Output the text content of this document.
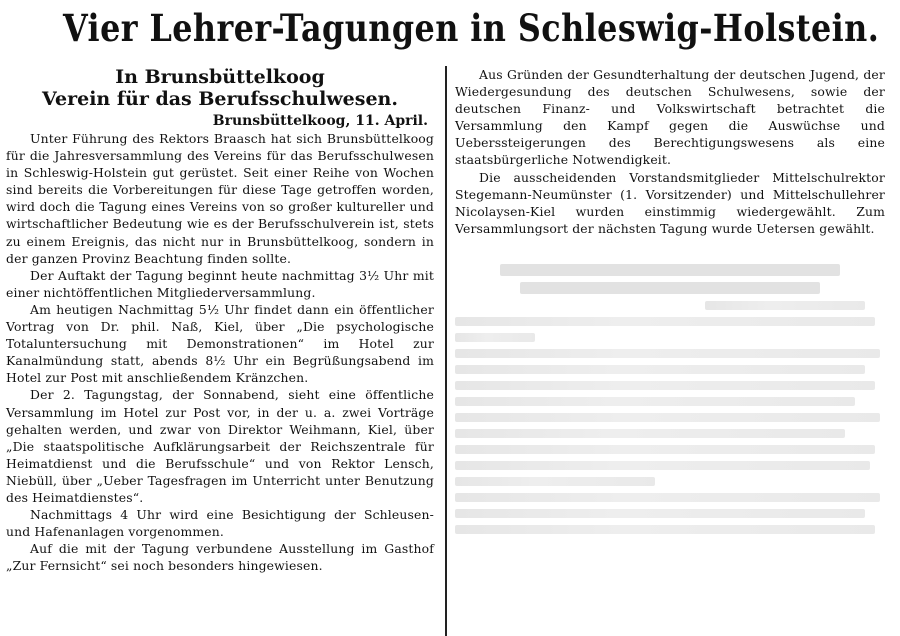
Vier Lehrer-Tagungen in Schleswig-Holstein.

In Brunsbüttelkoog

Verein für das Berufsschulwesen.

Brunsbüttelkoog, 11. April.

Unter Führung des Rektors Braasch hat sich Brunsbüttelkoog für die Jahresversammlung des Vereins für das Berufsschulwesen in Schleswig-Holstein gut gerüstet. Seit einer Reihe von Wochen sind bereits die Vorbereitungen für diese Tage getroffen worden, wird doch die Tagung eines Vereins von so großer kultureller und wirtschaftlicher Bedeutung wie es der Berufsschulverein ist, stets zu einem Ereignis, das nicht nur in Brunsbüttelkoog, sondern in der ganzen Provinz Beachtung finden sollte.

Der Auftakt der Tagung beginnt heute nachmittag 3½ Uhr mit einer nichtöffentlichen Mitgliederversammlung.

Am heutigen Nachmittag 5½ Uhr findet dann ein öffentlicher Vortrag von Dr. phil. Naß, Kiel, über „Die psychologische Totaluntersuchung mit Demonstrationen“ im Hotel zur Kanalmündung statt, abends 8½ Uhr ein Begrüßungsabend im Hotel zur Post mit anschließendem Kränzchen.

Der 2. Tagungstag, der Sonnabend, sieht eine öffentliche Versammlung im Hotel zur Post vor, in der u. a. zwei Vorträge gehalten werden, und zwar von Direktor Weihmann, Kiel, über „Die staatspolitische Aufklärungsarbeit der Reichszentrale für Heimatdienst und die Berufsschule“ und von Rektor Lensch, Niebüll, über „Ueber Tagesfragen im Unterricht unter Benutzung des Heimatdienstes“.

Nachmittags 4 Uhr wird eine Besichtigung der Schleusen- und Hafenanlagen vorgenommen.

Auf die mit der Tagung verbundene Ausstellung im Gasthof „Zur Fernsicht“ sei noch besonders hingewiesen.

Aus Gründen der Gesundterhaltung der deutschen Jugend, der Wiedergesundung des deutschen Schulwesens, sowie der deutschen Finanz- und Volkswirtschaft betrachtet die Versammlung den Kampf gegen die Auswüchse und Ueberssteigerungen des Berechtigungswesens als eine staatsbürgerliche Notwendigkeit.

Die ausscheidenden Vorstandsmitglieder Mittelschulrektor Stegemann-Neumünster (1. Vorsitzender) und Mittelschullehrer Nicolaysen-Kiel wurden einstimmig wiedergewählt. Zum Versammlungsort der nächsten Tagung wurde Uetersen gewählt.
